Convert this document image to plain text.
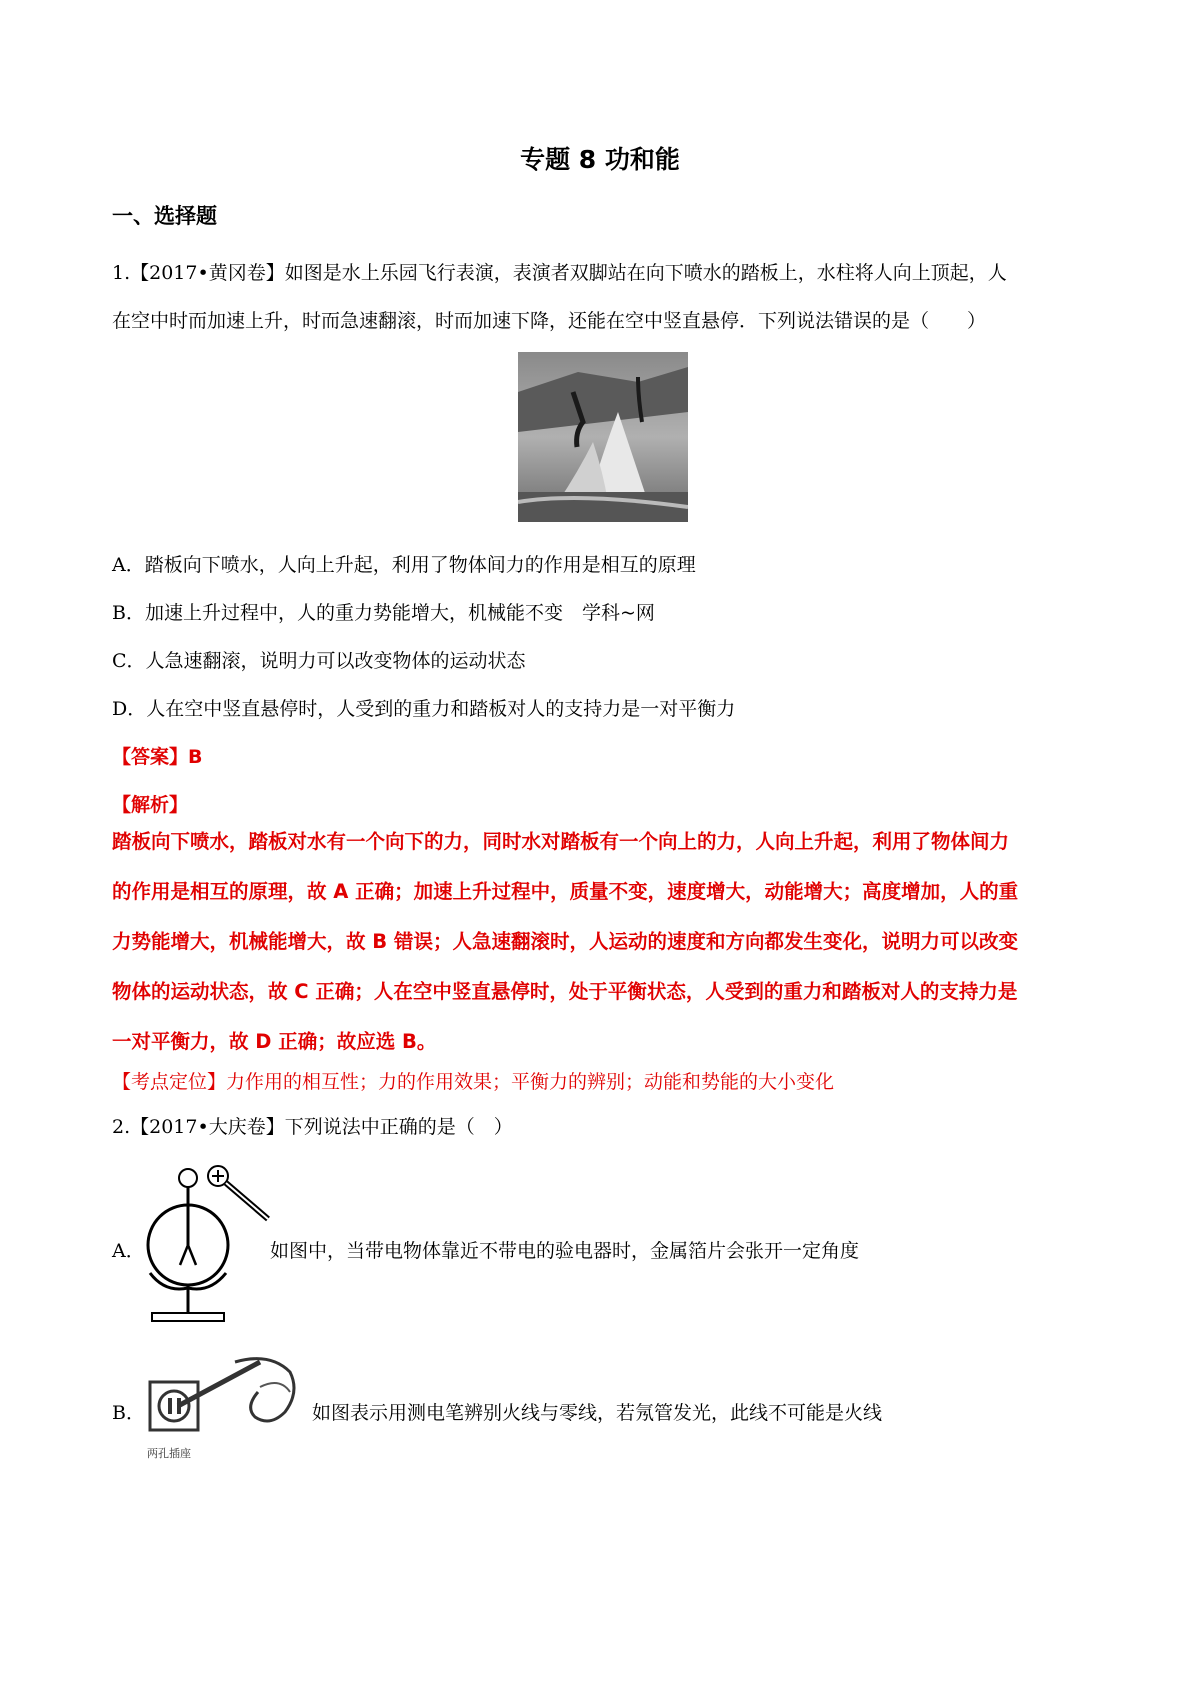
专题 8 功和能
一、选择题
1.【2017•黄冈卷】如图是水上乐园飞行表演，表演者双脚站在向下喷水的踏板上，水柱将人向上顶起，人
在空中时而加速上升，时而急速翻滚，时而加速下降，还能在空中竖直悬停．下列说法错误的是（　　）
A．踏板向下喷水，人向上升起，利用了物体间力的作用是相互的原理
B．加速上升过程中，人的重力势能增大，机械能不变　学科~网
C．人急速翻滚，说明力可以改变物体的运动状态
D．人在空中竖直悬停时，人受到的重力和踏板对人的支持力是一对平衡力
【答案】B
【解析】
踏板向下喷水，踏板对水有一个向下的力，同时水对踏板有一个向上的力，人向上升起，利用了物体间力
的作用是相互的原理，故 A 正确；加速上升过程中，质量不变，速度增大，动能增大；高度增加，人的重
力势能增大，机械能增大，故 B 错误；人急速翻滚时，人运动的速度和方向都发生变化，说明力可以改变
物体的运动状态，故 C 正确；人在空中竖直悬停时，处于平衡状态，人受到的重力和踏板对人的支持力是
一对平衡力，故 D 正确；故应选 B。
【考点定位】力作用的相互性；力的作用效果；平衡力的辨别；动能和势能的大小变化
2.【2017•大庆卷】下列说法中正确的是（　）
A．	如图中，当带电物体靠近不带电的验电器时，金属箔片会张开一定角度
B．
两孔插座
如图表示用测电笔辨别火线与零线，若氖管发光，此线不可能是火线
